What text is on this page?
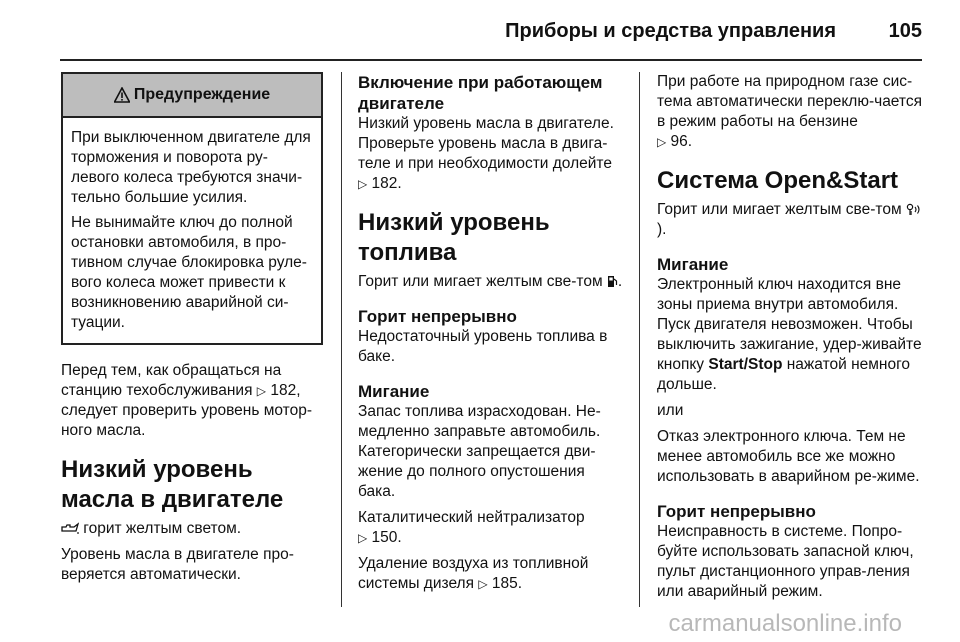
Приборы и средства управления	105
Предупреждение

При выключенном двигателе для торможения и поворота ру-левого колеса требуются значи-тельно большие усилия.

Не вынимайте ключ до полной остановки автомобиля, в про-тивном случае блокировка руле-вого колеса может привести к возникновению аварийной си-туации.

Перед тем, как обращаться на станцию техобслуживания ▷ 182, следует проверить уровень мотор-ного масла.

Низкий уровень масла в двигателе

горит желтым светом.

Уровень масла в двигателе про-веряется автоматически.

Включение при работающем двигателе

Низкий уровень масла в двигателе. Проверьте уровень масла в двига-теле и при необходимости долейте ▷ 182.

Низкий уровень топлива

Горит или мигает желтым све-том .

Горит непрерывно

Недостаточный уровень топлива в баке.

Мигание

Запас топлива израсходован. Не-медленно заправьте автомобиль. Категорически запрещается дви-жение до полного опустошения бака.

Каталитический нейтрализатор
▷ 150.

Удаление воздуха из топливной системы дизеля ▷ 185.

При работе на природном газе сис-тема автоматически переклю-чается в режим работы на бензине
▷ 96.

Система Open&Start

Горит или мигает желтым све-том ).

Мигание

Электронный ключ находится вне зоны приема внутри автомобиля. Пуск двигателя невозможен. Чтобы выключить зажигание, удер-живайте кнопку Start/Stop нажатой немного дольше.

или

Отказ электронного ключа. Тем не менее автомобиль все же можно использовать в аварийном ре-жиме.

Горит непрерывно

Неисправность в системе. Попро-буйте использовать запасной ключ, пульт дистанционного управ-ления или аварийный режим.

carmanualsonline.info
